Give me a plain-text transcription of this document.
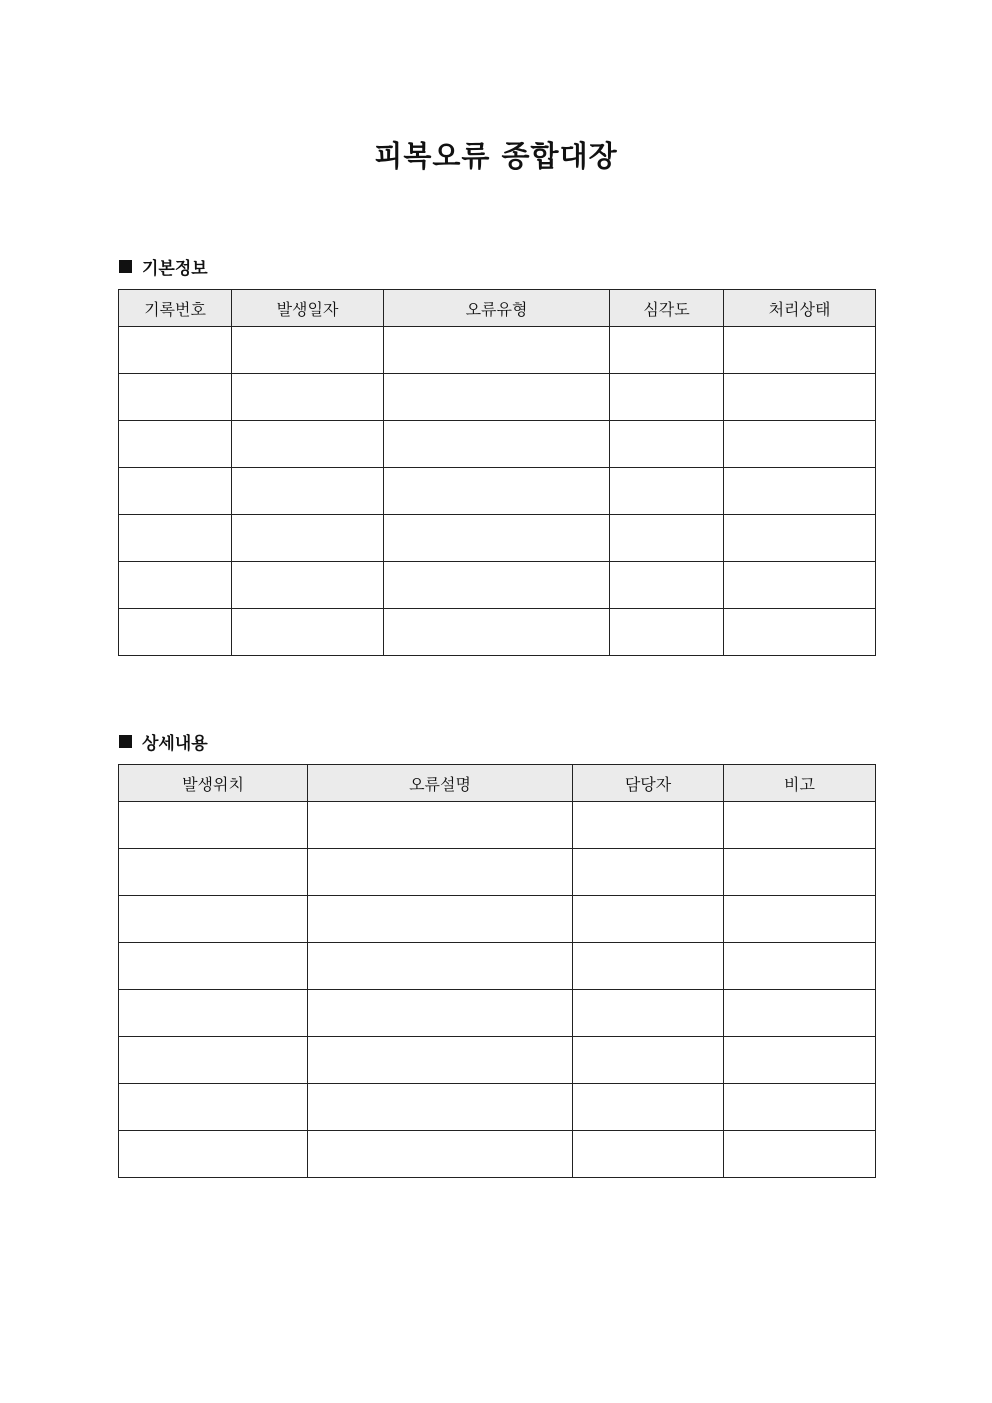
피복오류 종합대장
기본정보
기록번호	발생일자	오류유형	심각도	처리상태

상세내용
발생위치	오류설명	담당자	비고
